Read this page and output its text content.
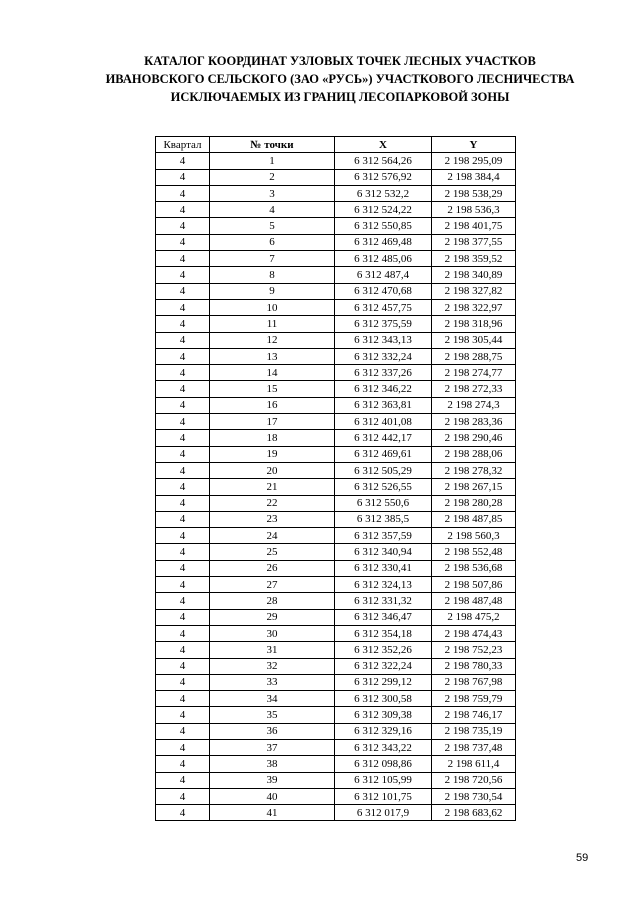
КАТАЛОГ КООРДИНАТ УЗЛОВЫХ ТОЧЕК ЛЕСНЫХ УЧАСТКОВ
ИВАНОВСКОГО СЕЛЬСКОГО (ЗАО «РУСЬ») УЧАСТКОВОГО ЛЕСНИЧЕСТВА
ИСКЛЮЧАЕМЫХ ИЗ ГРАНИЦ ЛЕСОПАРКОВОЙ ЗОНЫ
Квартал	№ точки	X	Y
4	1	6 312 564,26	2 198 295,09
4	2	6 312 576,92	2 198 384,4
4	3	6 312 532,2	2 198 538,29
4	4	6 312 524,22	2 198 536,3
4	5	6 312 550,85	2 198 401,75
4	6	6 312 469,48	2 198 377,55
4	7	6 312 485,06	2 198 359,52
4	8	6 312 487,4	2 198 340,89
4	9	6 312 470,68	2 198 327,82
4	10	6 312 457,75	2 198 322,97
4	11	6 312 375,59	2 198 318,96
4	12	6 312 343,13	2 198 305,44
4	13	6 312 332,24	2 198 288,75
4	14	6 312 337,26	2 198 274,77
4	15	6 312 346,22	2 198 272,33
4	16	6 312 363,81	2 198 274,3
4	17	6 312 401,08	2 198 283,36
4	18	6 312 442,17	2 198 290,46
4	19	6 312 469,61	2 198 288,06
4	20	6 312 505,29	2 198 278,32
4	21	6 312 526,55	2 198 267,15
4	22	6 312 550,6	2 198 280,28
4	23	6 312 385,5	2 198 487,85
4	24	6 312 357,59	2 198 560,3
4	25	6 312 340,94	2 198 552,48
4	26	6 312 330,41	2 198 536,68
4	27	6 312 324,13	2 198 507,86
4	28	6 312 331,32	2 198 487,48
4	29	6 312 346,47	2 198 475,2
4	30	6 312 354,18	2 198 474,43
4	31	6 312 352,26	2 198 752,23
4	32	6 312 322,24	2 198 780,33
4	33	6 312 299,12	2 198 767,98
4	34	6 312 300,58	2 198 759,79
4	35	6 312 309,38	2 198 746,17
4	36	6 312 329,16	2 198 735,19
4	37	6 312 343,22	2 198 737,48
4	38	6 312 098,86	2 198 611,4
4	39	6 312 105,99	2 198 720,56
4	40	6 312 101,75	2 198 730,54
4	41	6 312 017,9	2 198 683,62
59
